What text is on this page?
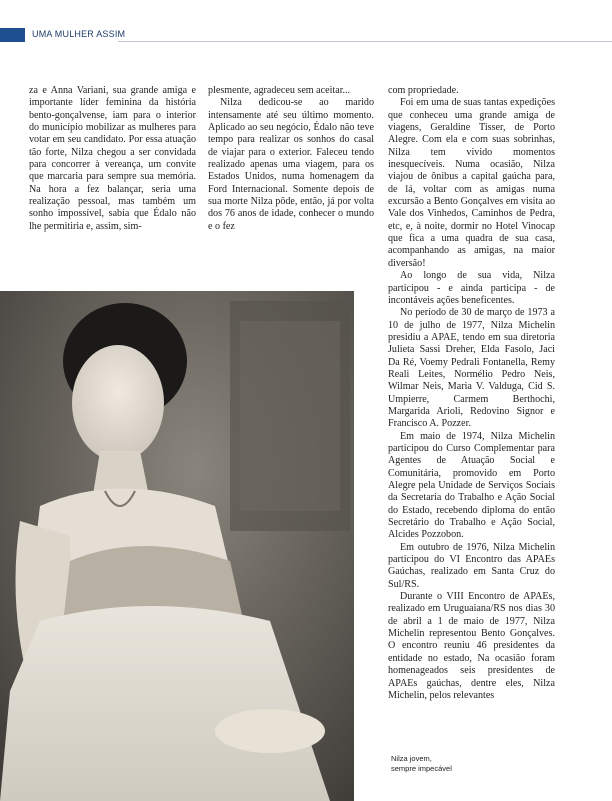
UMA MULHER ASSIM

za e Anna Variani, sua grande amiga e importante líder feminina da história bento-gonçalvense, iam para o interior do município mobilizar as mulheres para votar em seu candidato. Por essa atuação tão forte, Nilza chegou a ser convidada para concorrer à vereança, um convite que marcaria para sempre sua memória. Na hora a fez balançar, seria uma realização pessoal, mas também um sonho impossível, sabia que Édalo não lhe permitiria e, assim, sim-

plesmente, agradeceu sem aceitar...

Nilza dedicou-se ao marido intensamente até seu último momento. Aplicado ao seu negócio, Édalo não teve tempo para realizar os sonhos do casal de viajar para o exterior. Faleceu tendo realizado apenas uma viagem, para os Estados Unidos, numa homenagem da Ford Internacional. Somente depois de sua morte Nilza pôde, então, já por volta dos 76 anos de idade, conhecer o mundo e o fez

com propriedade.

Foi em uma de suas tantas expedições que conheceu uma grande amiga de viagens, Geraldine Tisser, de Porto Alegre. Com ela e com suas sobrinhas, Nilza tem vivido momentos inesquecíveis. Numa ocasião, Nilza viajou de ônibus a capital gaúcha para, de lá, voltar com as amigas numa excursão a Bento Gonçalves em visita ao Vale dos Vinhedos, Caminhos de Pedra, etc, e, à noite, dormir no Hotel Vinocap que fica a uma quadra de sua casa, acompanhando as amigas, na maior diversão!

Ao longo de sua vida, Nilza participou - e ainda participa - de incontáveis ações beneficentes.

No período de 30 de março de 1973 a 10 de julho de 1977, Nilza Michelin presidiu a APAE, tendo em sua diretoria Julieta Sassi Dreher, Elda Fasolo, Jaci Da Ré, Voemy Pedrali Fontanella, Remy Reali Leites, Normélio Pedro Neis, Wilmar Neis, Maria V. Valduga, Cid S. Umpierre, Carmem Berthochi, Margarida Arioli, Redovino Signor e Francisco A. Pozzer.

Em maio de 1974, Nilza Michelin participou do Curso Complementar para Agentes de Atuação Social e Comunitária, promovido em Porto Alegre pela Unidade de Serviços Sociais da Secretaria do Trabalho e Ação Social do Estado, recebendo diploma do então Secretário do Trabalho e Ação Social, Alcides Pozzobon.

Em outubro de 1976, Nilza Michelin participou do VI Encontro das APAEs Gaúchas, realizado em Santa Cruz do Sul/RS.

Durante o VIII Encontro de APAEs, realizado em Uruguaiana/RS nos dias 30 de abril a 1 de maio de 1977, Nilza Michelin representou Bento Gonçalves. O encontro reuniu 46 presidentes da entidade no estado, Na ocasião foram homenageados seis presidentes de APAEs gaúchas, dentre eles, Nilza Michelin, pelos relevantes

Nilza jovem,
sempre impecável
